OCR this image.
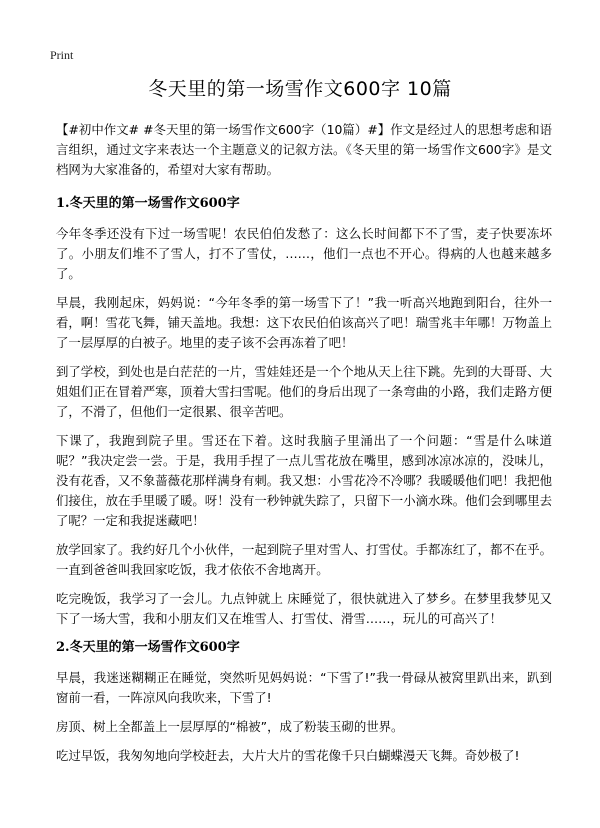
Print
冬天里的第一场雪作文600字 10篇

【#初中作文# #冬天里的第一场雪作文600字（10篇）#】作文是经过人的思想考虑和语言组织，通过文字来表达一个主题意义的记叙方法。《冬天里的第一场雪作文600字》是文档网为大家准备的，希望对大家有帮助。

1.冬天里的第一场雪作文600字

今年冬季还没有下过一场雪呢！农民伯伯发愁了：这么长时间都下不了雪，麦子快要冻坏了。小朋友们堆不了雪人，打不了雪仗，……，他们一点也不开心。得病的人也越来越多了。

早晨，我刚起床，妈妈说：“今年冬季的第一场雪下了！”我一听高兴地跑到阳台，往外一看，啊！雪花飞舞，铺天盖地。我想：这下农民伯伯该高兴了吧！瑞雪兆丰年哪！万物盖上了一层厚厚的白被子。地里的麦子该不会再冻着了吧！

到了学校，到处也是白茫茫的一片，雪娃娃还是一个个地从天上往下跳。先到的大哥哥、大姐姐们正在冒着严寒，顶着大雪扫雪呢。他们的身后出现了一条弯曲的小路，我们走路方便了，不滑了，但他们一定很累、很辛苦吧。

下课了，我跑到院子里。雪还在下着。这时我脑子里涌出了一个问题：“雪是什么味道呢？”我决定尝一尝。于是，我用手捏了一点儿雪花放在嘴里，感到冰凉冰凉的，没味儿，没有花香，又不象蔷薇花那样满身有刺。我又想：小雪花冷不冷哪？我暖暖他们吧！我把他们接住，放在手里暖了暖。呀！没有一秒钟就失踪了，只留下一小滴水珠。他们会到哪里去了呢？一定和我捉迷藏吧！

放学回家了。我约好几个小伙伴，一起到院子里对雪人、打雪仗。手都冻红了，都不在乎。一直到爸爸叫我回家吃饭，我才依依不舍地离开。

吃完晚饭，我学习了一会儿。九点钟就上 床睡觉了，很快就进入了梦乡。在梦里我梦见又下了一场大雪，我和小朋友们又在堆雪人、打雪仗、滑雪……，玩儿的可高兴了！

2.冬天里的第一场雪作文600字

早晨，我迷迷糊糊正在睡觉，突然听见妈妈说：“下雪了!”我一骨碌从被窝里趴出来，趴到窗前一看，一阵凉风向我吹来，下雪了!

房顶、树上全都盖上一层厚厚的“棉被”，成了粉装玉砌的世界。

吃过早饭，我匆匆地向学校赶去，大片大片的雪花像千只白蝴蝶漫天飞舞。奇妙极了!
